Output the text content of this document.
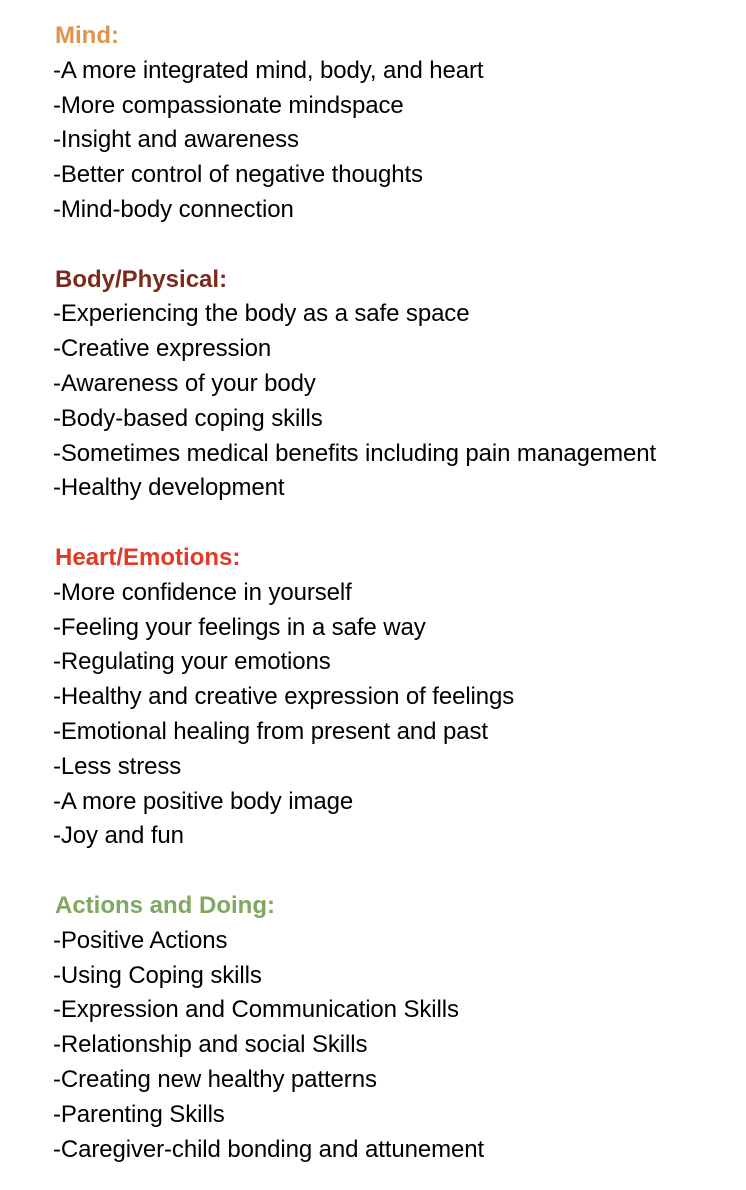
Mind:
-A more integrated mind, body, and heart
-More compassionate mindspace
-Insight and awareness
-Better control of negative thoughts
-Mind-body connection
Body/Physical:
-Experiencing the body as a safe space
-Creative expression
-Awareness of your body
-Body-based coping skills
-Sometimes medical benefits including pain management
-Healthy development
Heart/Emotions:
-More confidence in yourself
-Feeling your feelings in a safe way
-Regulating your emotions
-Healthy and creative expression of feelings
-Emotional healing from present and past
-Less stress
-A more positive body image
-Joy and fun
Actions and Doing:
-Positive Actions
-Using Coping skills
-Expression and Communication Skills
-Relationship and social Skills
-Creating new healthy patterns
-Parenting Skills
-Caregiver-child bonding and attunement
